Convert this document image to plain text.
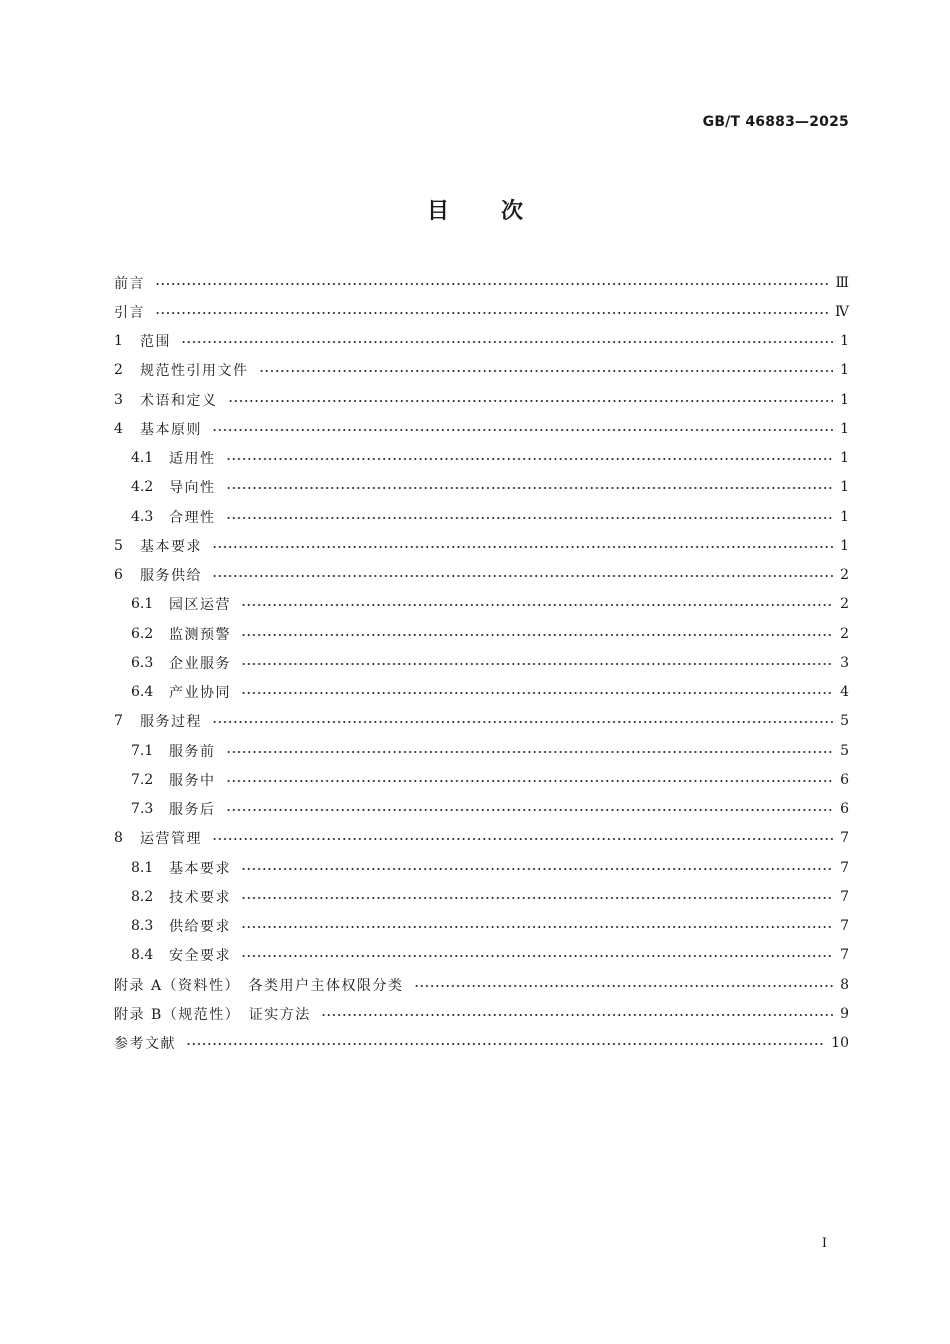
GB/T 46883—2025
目次
前言	Ⅲ
引言	Ⅳ
1	范围	1
2	规范性引用文件	1
3	术语和定义	1
4	基本原则	1
4.1	适用性	1
4.2	导向性	1
4.3	合理性	1
5	基本要求	1
6	服务供给	2
6.1	园区运营	2
6.2	监测预警	2
6.3	企业服务	3
6.4	产业协同	4
7	服务过程	5
7.1	服务前	5
7.2	服务中	6
7.3	服务后	6
8	运营管理	7
8.1	基本要求	7
8.2	技术要求	7
8.3	供给要求	7
8.4	安全要求	7
附录 A（资料性）　各类用户主体权限分类	8
附录 B（规范性）　证实方法	9
参考文献	10
I
